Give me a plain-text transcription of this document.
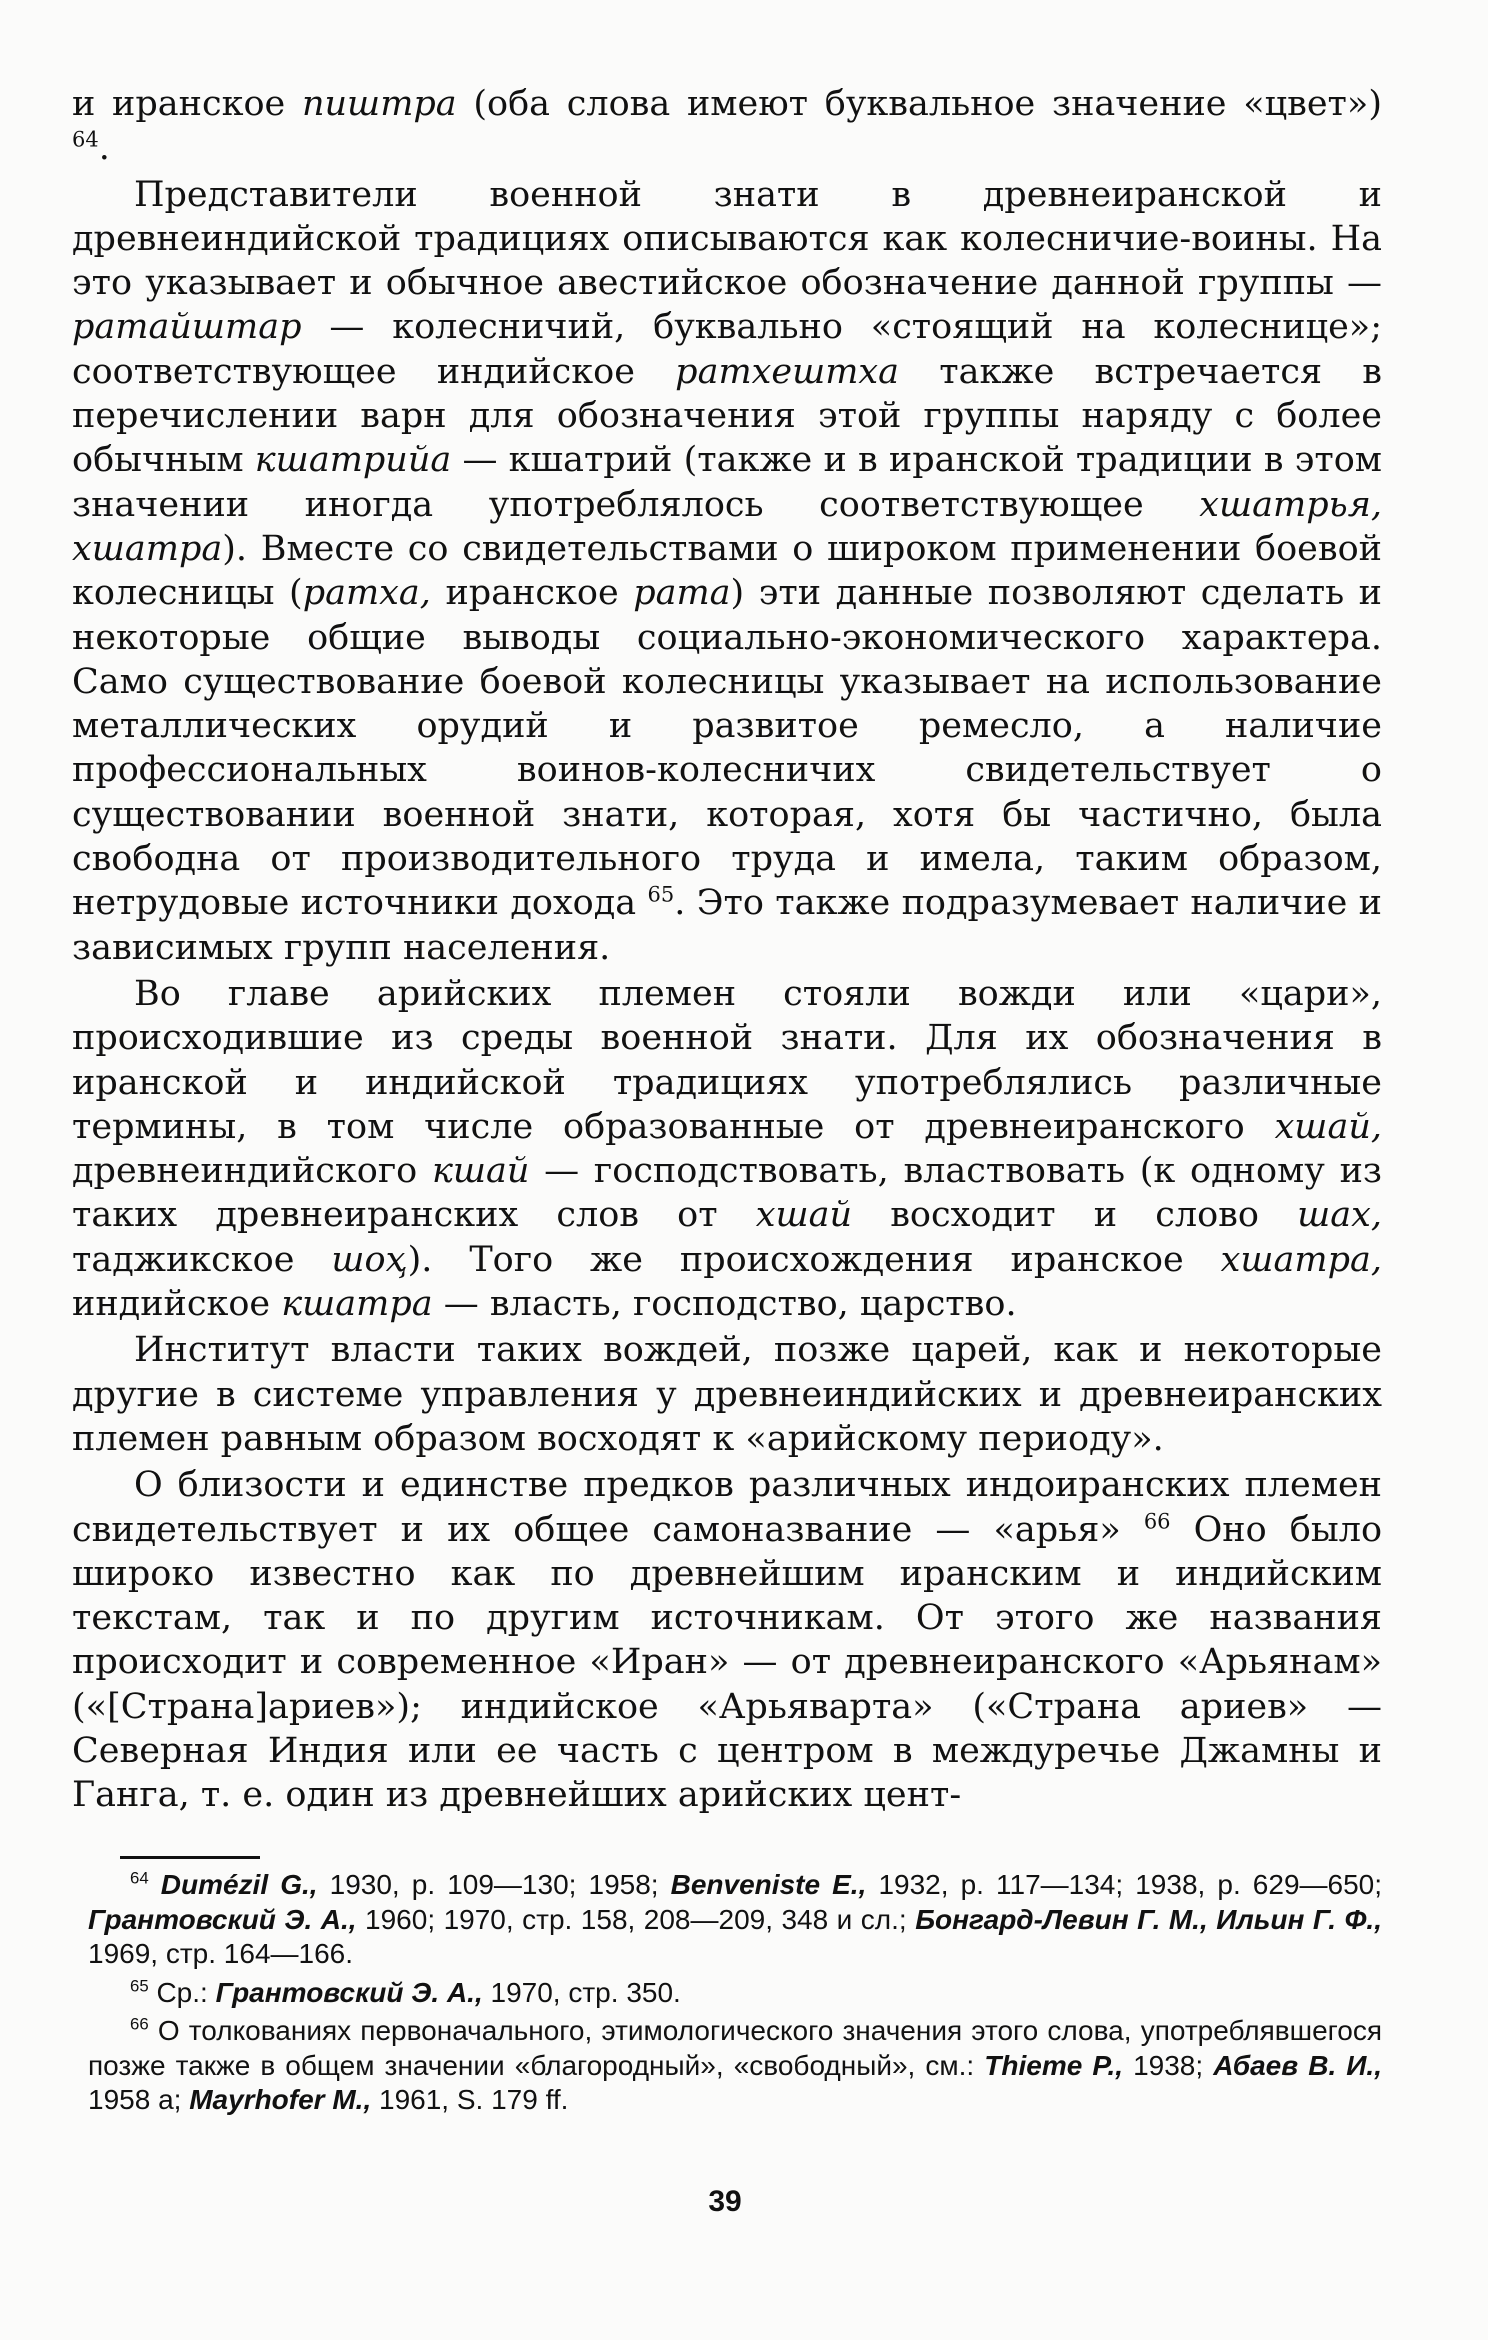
и иранское пиштра (оба слова имеют буквальное значение «цвет») $^{64}$.

Представители военной знати в древнеиранской и древнеиндийской традициях описываются как колесничие-воины. На это указывает и обычное авестийское обозначение данной группы — ратайштар — колесничий, буквально «стоящий на колеснице»; соответствующее индийское ратхештха также встречается в перечислении варн для обозначения этой группы наряду с более обычным кшатрийа — кшатрий (также и в иранской традиции в этом значении иногда употреблялось соответствующее хшатрья, хшатра). Вместе со свидетельствами о широком применении боевой колесницы (ратха, иранское рата) эти данные позволяют сделать и некоторые общие выводы социально-экономического характера. Само существование боевой колесницы указывает на использование металлических орудий и развитое ремесло, а наличие профессиональных воинов-колесничих свидетельствует о существовании военной знати, которая, хотя бы частично, была свободна от производительного труда и имела, таким образом, нетрудовые источники дохода $^{65}$. Это также подразумевает наличие и зависимых групп населения.

Во главе арийских племен стояли вожди или «цари», происходившие из среды военной знати. Для их обозначения в иранской и индийской традициях употреблялись различные термины, в том числе образованные от древнеиранского хшай, древнеиндийского кшай — господствовать, властвовать (к одному из таких древнеиранских слов от хшай восходит и слово шах, таджикское шоҳ). Того же происхождения иранское хшатра, индийское кшатра — власть, господство, царство.

Институт власти таких вождей, позже царей, как и некоторые другие в системе управления у древнеиндийских и древнеиранских племен равным образом восходят к «арийскому периоду».

О близости и единстве предков различных индоиранских племен свидетельствует и их общее самоназвание — «арья» $^{66}$ Оно было широко известно как по древнейшим иранским и индийским текстам, так и по другим источникам. От этого же названия происходит и современное «Иран» — от древнеиранского «Арьянам» («[Страна]ариев»); индийское «Арьяварта» («Страна ариев» — Северная Индия или ее часть с центром в междуречье Джамны и Ганга, т. е. один из древнейших арийских цент-

$^{64}$ Dumézil G., 1930, p. 109—130; 1958; Benveniste E., 1932, p. 117—134; 1938, p. 629—650; Грантовский Э. А., 1960; 1970, стр. 158, 208—209, 348 и сл.; Бонгард-Левин Г. М., Ильин Г. Ф., 1969, стр. 164—166.

$^{65}$ Ср.: Грантовский Э. А., 1970, стр. 350.

$^{66}$ О толкованиях первоначального, этимологического значения этого слова, употреблявшегося позже также в общем значении «благородный», «свободный», см.: Thieme P., 1938; Абаев В. И., 1958 а; Mayrhofer M., 1961, S. 179 ff.

39
